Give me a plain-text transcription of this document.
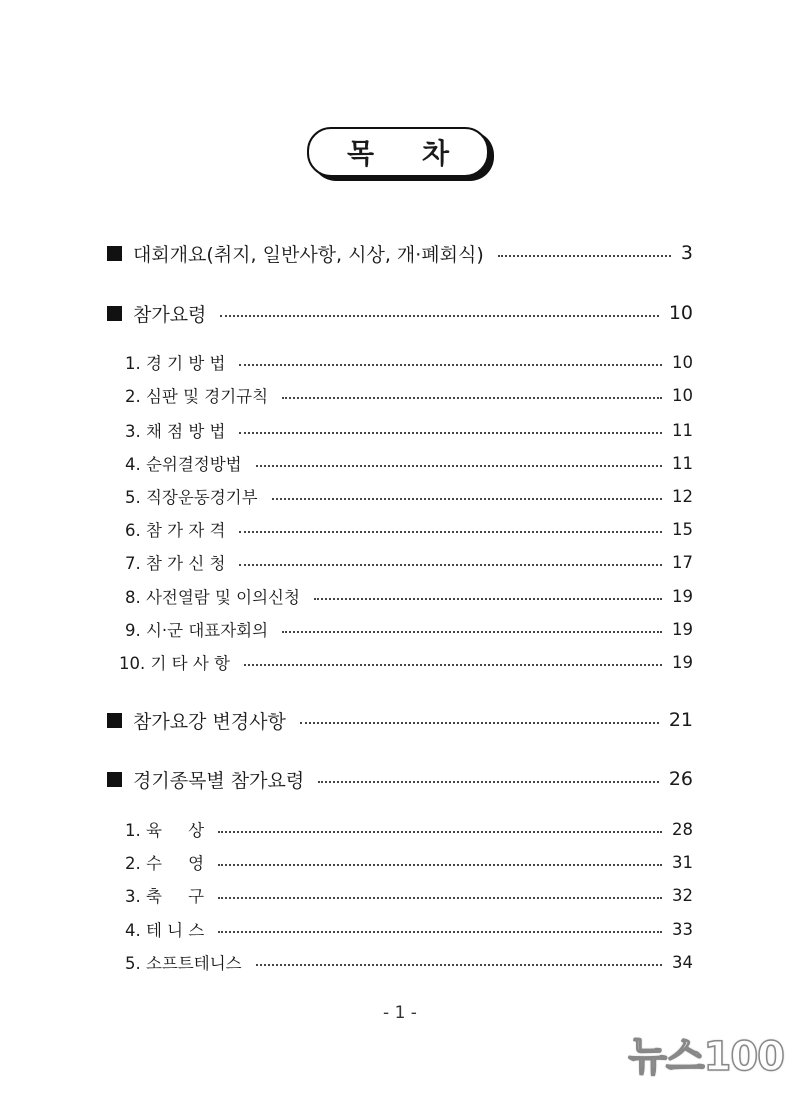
목 차
대회개요(취지, 일반사항, 시상, 개·폐회식)	3
참가요령	10
1. 경 기 방 법	10
2. 심판 및 경기규칙	10
3. 채 점 방 법	11
4. 순위결정방법	11
5. 직장운동경기부	12
6. 참 가 자 격	15
7. 참 가 신 청	17
8. 사전열람 및 이의신청	19
9. 시·군 대표자회의	19
10. 기 타 사 항	19
참가요강 변경사항	21
경기종목별 참가요령	26
1. 육     상	28
2. 수     영	31
3. 축     구	32
4. 테 니 스	33
5. 소프트테니스	34
- 1 -
뉴스100
